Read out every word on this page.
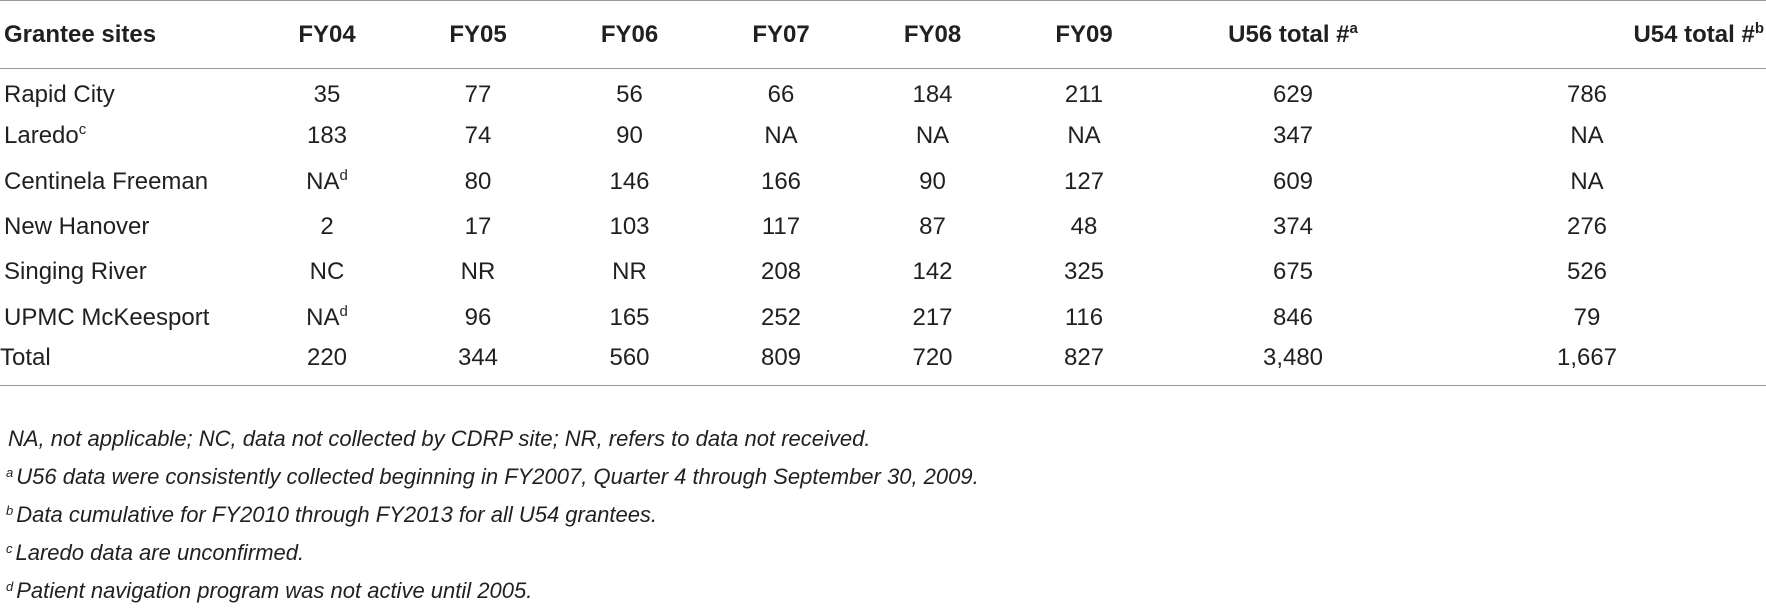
Grantee sites	FY04	FY05	FY06	FY07	FY08	FY09	U56 total #$^a$	U54 total #$^b$
Rapid City	35	77	56	66	184	211	629	786
Laredo$^c$	183	74	90	NA	NA	NA	347	NA
Centinela Freeman	$NA^d$	80	146	166	90	127	609	NA
New Hanover	2	17	103	117	87	48	374	276
Singing River	NC	NR	NR	208	142	325	675	526
UPMC McKeesport	$NA^d$	96	165	252	217	116	846	79
Total	220	344	560	809	720	827	3,480	1,667
NA, not applicable; NC, data not collected by CDRP site; NR, refers to data not received.
$^a$ U56 data were consistently collected beginning in FY2007, Quarter 4 through September 30, 2009.
$^b$ Data cumulative for FY2010 through FY2013 for all U54 grantees.
$^c$ Laredo data are unconfirmed.
$^d$ Patient navigation program was not active until 2005.
